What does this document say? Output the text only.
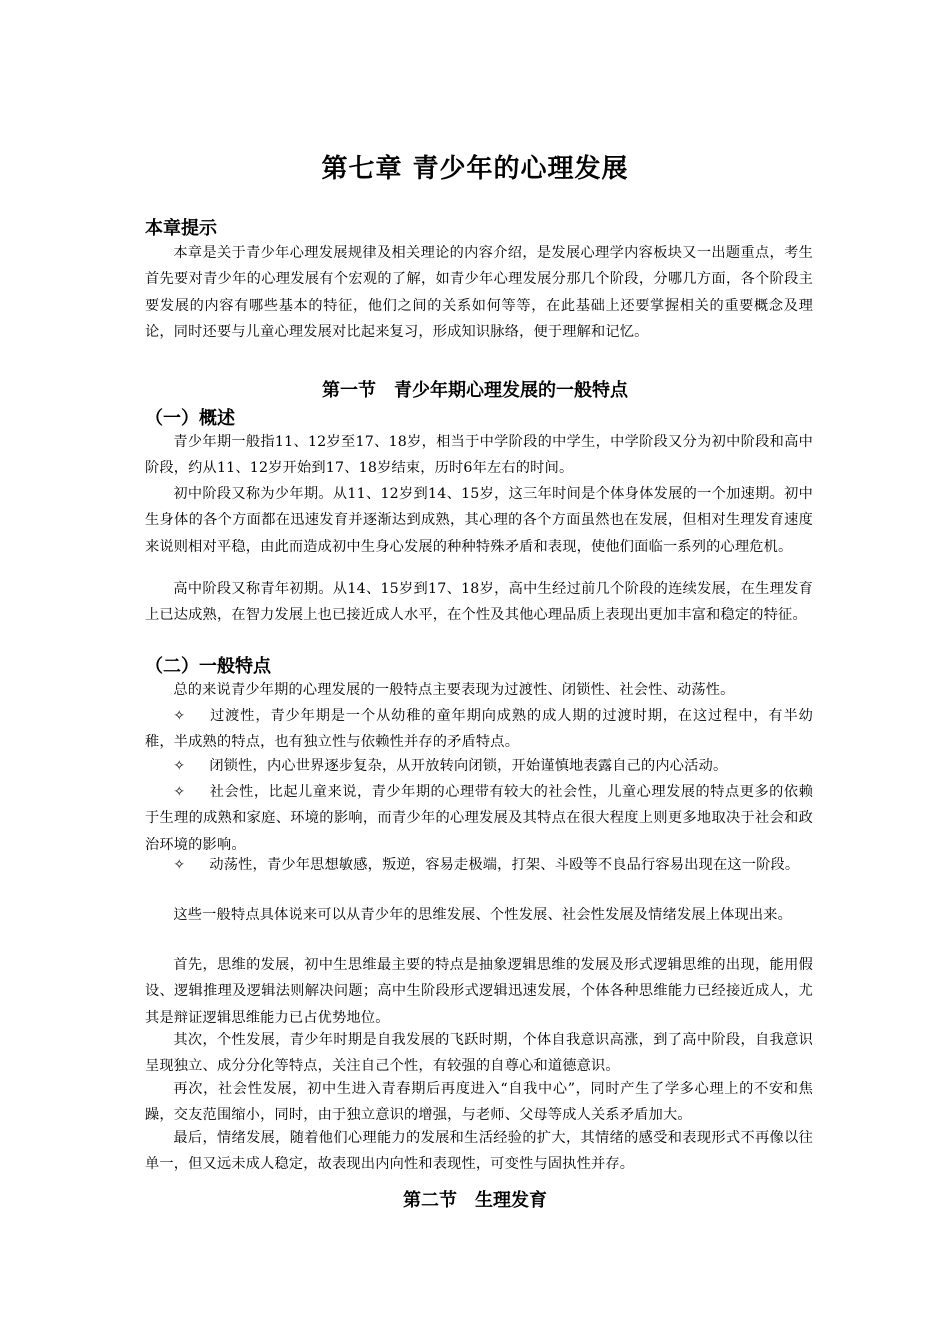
第七章 青少年的心理发展
本章提示
本章是关于青少年心理发展规律及相关理论的内容介绍，是发展心理学内容板块又一出题重点，考生首先要对青少年的心理发展有个宏观的了解，如青少年心理发展分那几个阶段，分哪几方面，各个阶段主要发展的内容有哪些基本的特征，他们之间的关系如何等等，在此基础上还要掌握相关的重要概念及理论，同时还要与儿童心理发展对比起来复习，形成知识脉络，便于理解和记忆。
第一节 青少年期心理发展的一般特点
（一）概述
青少年期一般指11、12岁至17、18岁，相当于中学阶段的中学生，中学阶段又分为初中阶段和高中阶段，约从11、12岁开始到17、18岁结束，历时6年左右的时间。
初中阶段又称为少年期。从11、12岁到14、15岁，这三年时间是个体身体发展的一个加速期。初中生身体的各个方面都在迅速发育并逐渐达到成熟，其心理的各个方面虽然也在发展，但相对生理发育速度来说则相对平稳，由此而造成初中生身心发展的种种特殊矛盾和表现，使他们面临一系列的心理危机。
高中阶段又称青年初期。从14、15岁到17、18岁，高中生经过前几个阶段的连续发展，在生理发育上已达成熟，在智力发展上也已接近成人水平，在个性及其他心理品质上表现出更加丰富和稳定的特征。
（二）一般特点
总的来说青少年期的心理发展的一般特点主要表现为过渡性、闭锁性、社会性、动荡性。
✧ 过渡性，青少年期是一个从幼稚的童年期向成熟的成人期的过渡时期，在这过程中，有半幼稚，半成熟的特点，也有独立性与依赖性并存的矛盾特点。
✧ 闭锁性，内心世界逐步复杂，从开放转向闭锁，开始谨慎地表露自己的内心活动。
✧ 社会性，比起儿童来说，青少年期的心理带有较大的社会性，儿童心理发展的特点更多的依赖于生理的成熟和家庭、环境的影响，而青少年的心理发展及其特点在很大程度上则更多地取决于社会和政治环境的影响。
✧ 动荡性，青少年思想敏感，叛逆，容易走极端，打架、斗殴等不良品行容易出现在这一阶段。
这些一般特点具体说来可以从青少年的思维发展、个性发展、社会性发展及情绪发展上体现出来。
首先，思维的发展，初中生思维最主要的特点是抽象逻辑思维的发展及形式逻辑思维的出现，能用假设、逻辑推理及逻辑法则解决问题；高中生阶段形式逻辑迅速发展，个体各种思维能力已经接近成人，尤其是辩证逻辑思维能力已占优势地位。
其次，个性发展，青少年时期是自我发展的飞跃时期，个体自我意识高涨，到了高中阶段，自我意识呈现独立、成分分化等特点，关注自己个性，有较强的自尊心和道德意识。
再次，社会性发展，初中生进入青春期后再度进入“自我中心”，同时产生了学多心理上的不安和焦躁，交友范围缩小，同时，由于独立意识的增强，与老师、父母等成人关系矛盾加大。
最后，情绪发展，随着他们心理能力的发展和生活经验的扩大，其情绪的感受和表现形式不再像以往单一，但又远未成人稳定，故表现出内向性和表现性，可变性与固执性并存。
第二节 生理发育
